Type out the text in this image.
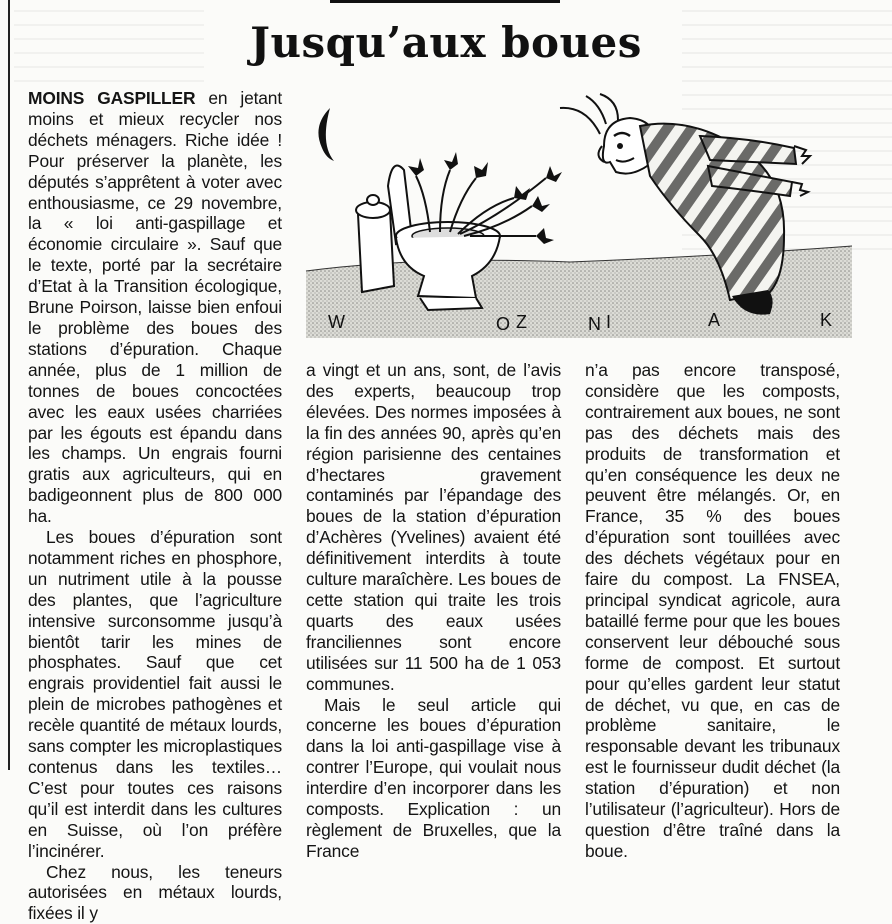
Jusqu’aux boues

MOINS GASPILLER en jetant moins et mieux recycler nos déchets ménagers. Riche idée ! Pour préserver la planète, les députés s’apprêtent à voter avec enthousiasme, ce 29 novembre, la « loi anti-gaspillage et économie circulaire ». Sauf que le texte, porté par la secrétaire d’Etat à la Transition écologique, Brune Poirson, laisse bien enfoui le problème des boues des stations d’épuration. Chaque année, plus de 1 million de tonnes de boues concoctées avec les eaux usées charriées par les égouts est épandu dans les champs. Un engrais fourni gratis aux agriculteurs, qui en badigeonnent plus de 800 000 ha.

Les boues d’épuration sont notamment riches en phosphore, un nutriment utile à la pousse des plantes, que l’agriculture intensive surconsomme jusqu’à bientôt tarir les mines de phosphates. Sauf que cet engrais providentiel fait aussi le plein de microbes pathogènes et recèle quantité de métaux lourds, sans compter les microplastiques contenus dans les textiles… C’est pour toutes ces raisons qu’il est interdit dans les cultures en Suisse, où l’on préfère l’incinérer.

Chez nous, les teneurs autorisées en métaux lourds, fixées il y

a vingt et un ans, sont, de l’avis des experts, beaucoup trop élevées. Des normes imposées à la fin des années 90, après qu’en région parisienne des centaines d’hectares gravement contaminés par l’épandage des boues de la station d’épuration d’Achères (Yvelines) avaient été définitivement interdits à toute culture maraîchère. Les boues de cette station qui traite les trois quarts des eaux usées franciliennes sont encore utilisées sur 11 500 ha de 1 053 communes.

Mais le seul article qui concerne les boues d’épuration dans la loi anti-gaspillage vise à contrer l’Europe, qui voulait nous interdire d’en incorporer dans les composts. Explication : un règlement de Bruxelles, que la France

n’a pas encore transposé, considère que les composts, contrairement aux boues, ne sont pas des déchets mais des produits de transformation et qu’en conséquence les deux ne peuvent être mélangés. Or, en France, 35 % des boues d’épuration sont touillées avec des déchets végétaux pour en faire du compost. La FNSEA, principal syndicat agricole, aura bataillé ferme pour que les boues conservent leur débouché sous forme de compost. Et surtout pour qu’elles gardent leur statut de déchet, vu que, en cas de problème sanitaire, le responsable devant les tribunaux est le fournisseur dudit déchet (la station d’épuration) et non l’utilisateur (l’agriculteur). Hors de question d’être traîné dans la boue.

W	O Z	N I	A	K
